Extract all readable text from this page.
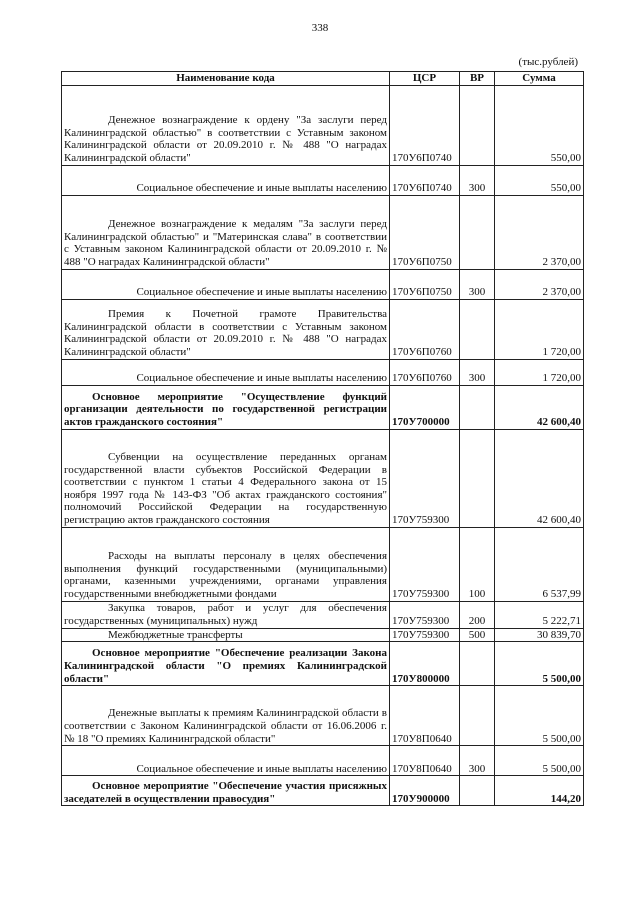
338
(тыс.рублей)
Наименование кода	ЦСР	ВР	Сумма
Денежное вознаграждение к ордену "За заслуги перед Калининградской областью" в соответствии с Уставным законом Калининградской области от 20.09.2010 г. № 488 "О наградах Калининградской области"	170У6П0740		550,00
Социальное обеспечение и иные выплаты населению	170У6П0740	300	550,00
Денежное вознаграждение к медалям "За заслуги перед Калининградской областью" и "Материнская слава" в соответствии с Уставным законом Калининградской области от 20.09.2010 г. № 488 "О наградах Калининградской области"	170У6П0750		2 370,00
Социальное обеспечение и иные выплаты населению	170У6П0750	300	2 370,00
Премия к Почетной грамоте Правительства Калининградской области в соответствии с Уставным законом Калининградской области от 20.09.2010 г. № 488 "О наградах Калининградской области"	170У6П0760		1 720,00
Социальное обеспечение и иные выплаты населению	170У6П0760	300	1 720,00
Основное мероприятие "Осуществление функций организации деятельности по государственной регистрации актов гражданского состояния"	170У700000		42 600,40
Субвенции на осуществление переданных органам государственной власти субъектов Российской Федерации в соответствии с пунктом 1 статьи 4 Федерального закона от 15 ноября 1997 года № 143-ФЗ "Об актах гражданского состояния" полномочий Российской Федерации на государственную регистрацию актов гражданского состояния	170У759300		42 600,40
Расходы на выплаты персоналу в целях обеспечения выполнения функций государственными (муниципальными) органами, казенными учреждениями, органами управления государственными внебюджетными фондами	170У759300	100	6 537,99
Закупка товаров, работ и услуг для обеспечения государственных (муниципальных) нужд	170У759300	200	5 222,71
Межбюджетные трансферты	170У759300	500	30 839,70
Основное мероприятие "Обеспечение реализации Закона Калининградской области "О премиях Калининградской области"	170У800000		5 500,00
Денежные выплаты к премиям Калининградской области в соответствии с Законом Калининградской области от 16.06.2006 г. № 18 "О премиях Калининградской области"	170У8П0640		5 500,00
Социальное обеспечение и иные выплаты населению	170У8П0640	300	5 500,00
Основное мероприятие "Обеспечение участия присяжных заседателей в осуществлении правосудия"	170У900000		144,20
